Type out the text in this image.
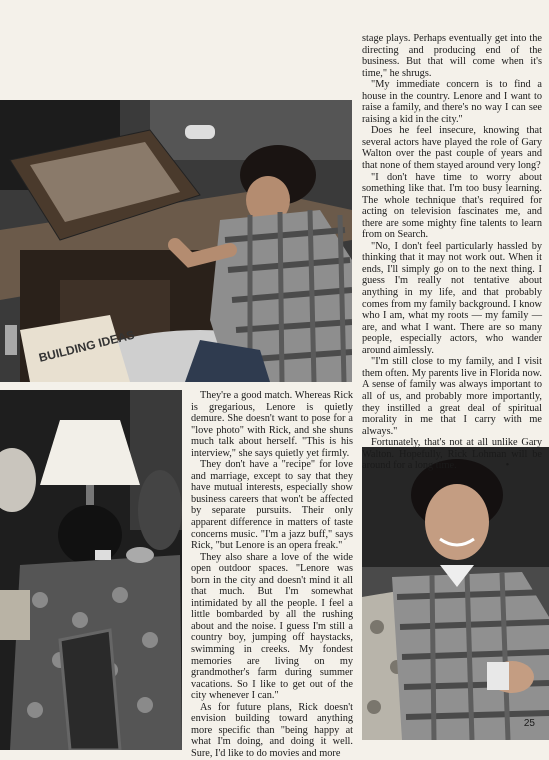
BUILDING IDEAS

stage plays. Perhaps eventually get into the directing and producing end of the business. But that will come when it's time," he shrugs.

"My immediate concern is to find a house in the country. Lenore and I want to raise a family, and there's no way I can see raising a kid in the city."

Does he feel insecure, knowing that several actors have played the role of Gary Walton over the past couple of years and that none of them stayed around very long?

"I don't have time to worry about something like that. I'm too busy learning. The whole technique that's required for acting on television fascinates me, and there are some mighty fine talents to learn from on Search.

"No, I don't feel particularly hassled by thinking that it may not work out. When it ends, I'll simply go on to the next thing. I guess I'm really not tentative about anything in my life, and that probably comes from my family background. I know who I am, what my roots — my family — are, and what I want. There are so many people, especially actors, who wander around aimlessly.

"I'm still close to my family, and I visit them often. My parents live in Florida now. A sense of family was always important to all of us, and probably more importantly, they instilled a great deal of spiritual morality in me that I carry with me always."

Fortunately, that's not at all unlike Gary Walton. Hopefully, Rick Lohman will be around for a long time.	•

They're a good match. Whereas Rick is gregarious, Lenore is quietly demure. She doesn't want to pose for a "love photo" with Rick, and she shuns much talk about herself. "This is his interview," she says quietly yet firmly.

They don't have a "recipe" for love and marriage, except to say that they have mutual interests, especially show business careers that won't be affected by separate pursuits. Their only apparent difference in matters of taste concerns music. "I'm a jazz buff," says Rick, "but Lenore is an opera freak."

They also share a love of the wide open outdoor spaces. "Lenore was born in the city and doesn't mind it all that much. But I'm somewhat intimidated by all the people. I feel a little bombarded by all the rushing about and the noise. I guess I'm still a country boy, jumping off haystacks, swimming in creeks. My fondest memories are living on my grandmother's farm during summer vacations. So I like to get out of the city whenever I can."

As for future plans, Rick doesn't envision building toward anything more specific than "being happy at what I'm doing, and doing it well. Sure, I'd like to do movies and more

25
